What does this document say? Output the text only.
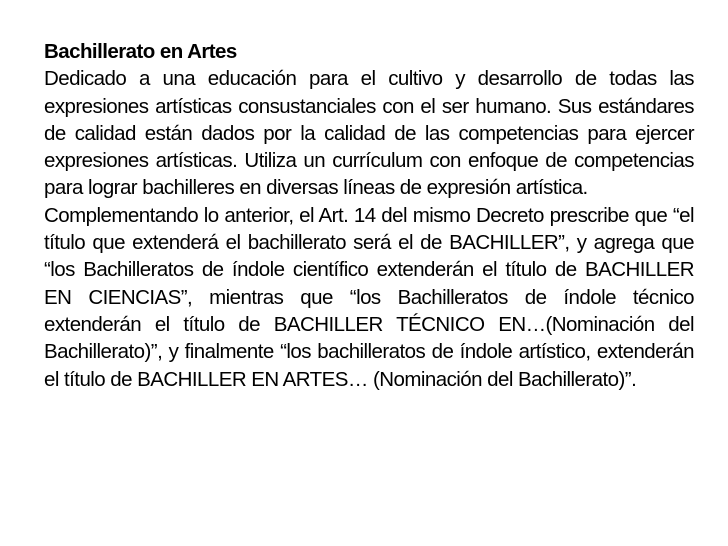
Bachillerato en Artes

Dedicado a una educación para el cultivo y desarrollo de todas las expresiones artísticas consustanciales con el ser humano. Sus estándares de calidad están dados por la calidad de las competencias para ejercer expresiones artísticas. Utiliza un currículum con enfoque de competencias para lograr bachilleres en diversas líneas de expresión artística.

Complementando lo anterior, el Art. 14 del mismo Decreto prescribe que “el título que extenderá el bachillerato será el de BACHILLER”, y agrega que “los Bachilleratos de índole científico extenderán el título de BACHILLER EN CIENCIAS”, mientras que “los Bachilleratos de índole técnico extenderán el título de BACHILLER TÉCNICO EN…(Nominación del Bachillerato)”, y finalmente “los bachilleratos de índole artístico, extenderán el título de BACHILLER EN ARTES… (Nominación del Bachillerato)”.
